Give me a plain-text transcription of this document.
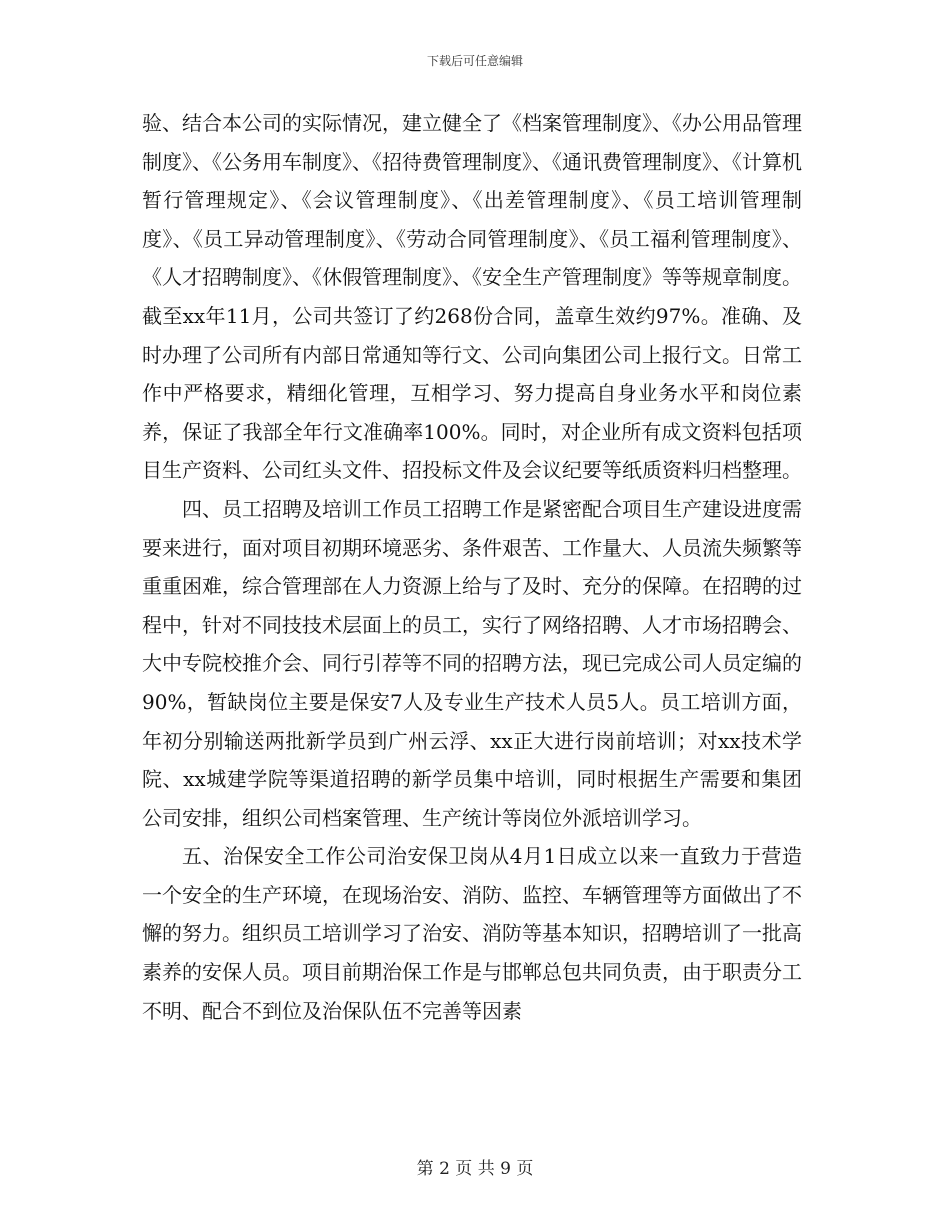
下载后可任意编辑

验、结合本公司的实际情况，建立健全了《档案管理制度》、《办公用品管理制度》、《公务用车制度》、《招待费管理制度》、《通讯费管理制度》、《计算机暂行管理规定》、《会议管理制度》、《出差管理制度》、《员工培训管理制度》、《员工异动管理制度》、《劳动合同管理制度》、《员工福利管理制度》、《人才招聘制度》、《休假管理制度》、《安全生产管理制度》等等规章制度。截至xx年11月，公司共签订了约268份合同，盖章生效约97%。准确、及时办理了公司所有内部日常通知等行文、公司向集团公司上报行文。日常工作中严格要求，精细化管理，互相学习、努力提高自身业务水平和岗位素养，保证了我部全年行文准确率100%。同时，对企业所有成文资料包括项目生产资料、公司红头文件、招投标文件及会议纪要等纸质资料归档整理。

四、员工招聘及培训工作员工招聘工作是紧密配合项目生产建设进度需要来进行，面对项目初期环境恶劣、条件艰苦、工作量大、人员流失频繁等重重困难，综合管理部在人力资源上给与了及时、充分的保障。在招聘的过程中，针对不同技技术层面上的员工，实行了网络招聘、人才市场招聘会、大中专院校推介会、同行引荐等不同的招聘方法，现已完成公司人员定编的90%，暂缺岗位主要是保安7人及专业生产技术人员5人。员工培训方面，年初分别输送两批新学员到广州云浮、xx正大进行岗前培训；对xx技术学院、xx城建学院等渠道招聘的新学员集中培训，同时根据生产需要和集团公司安排，组织公司档案管理、生产统计等岗位外派培训学习。

五、治保安全工作公司治安保卫岗从4月1日成立以来一直致力于营造一个安全的生产环境，在现场治安、消防、监控、车辆管理等方面做出了不懈的努力。组织员工培训学习了治安、消防等基本知识，招聘培训了一批高素养的安保人员。项目前期治保工作是与邯郸总包共同负责，由于职责分工不明、配合不到位及治保队伍不完善等因素

第 2 页 共 9 页
